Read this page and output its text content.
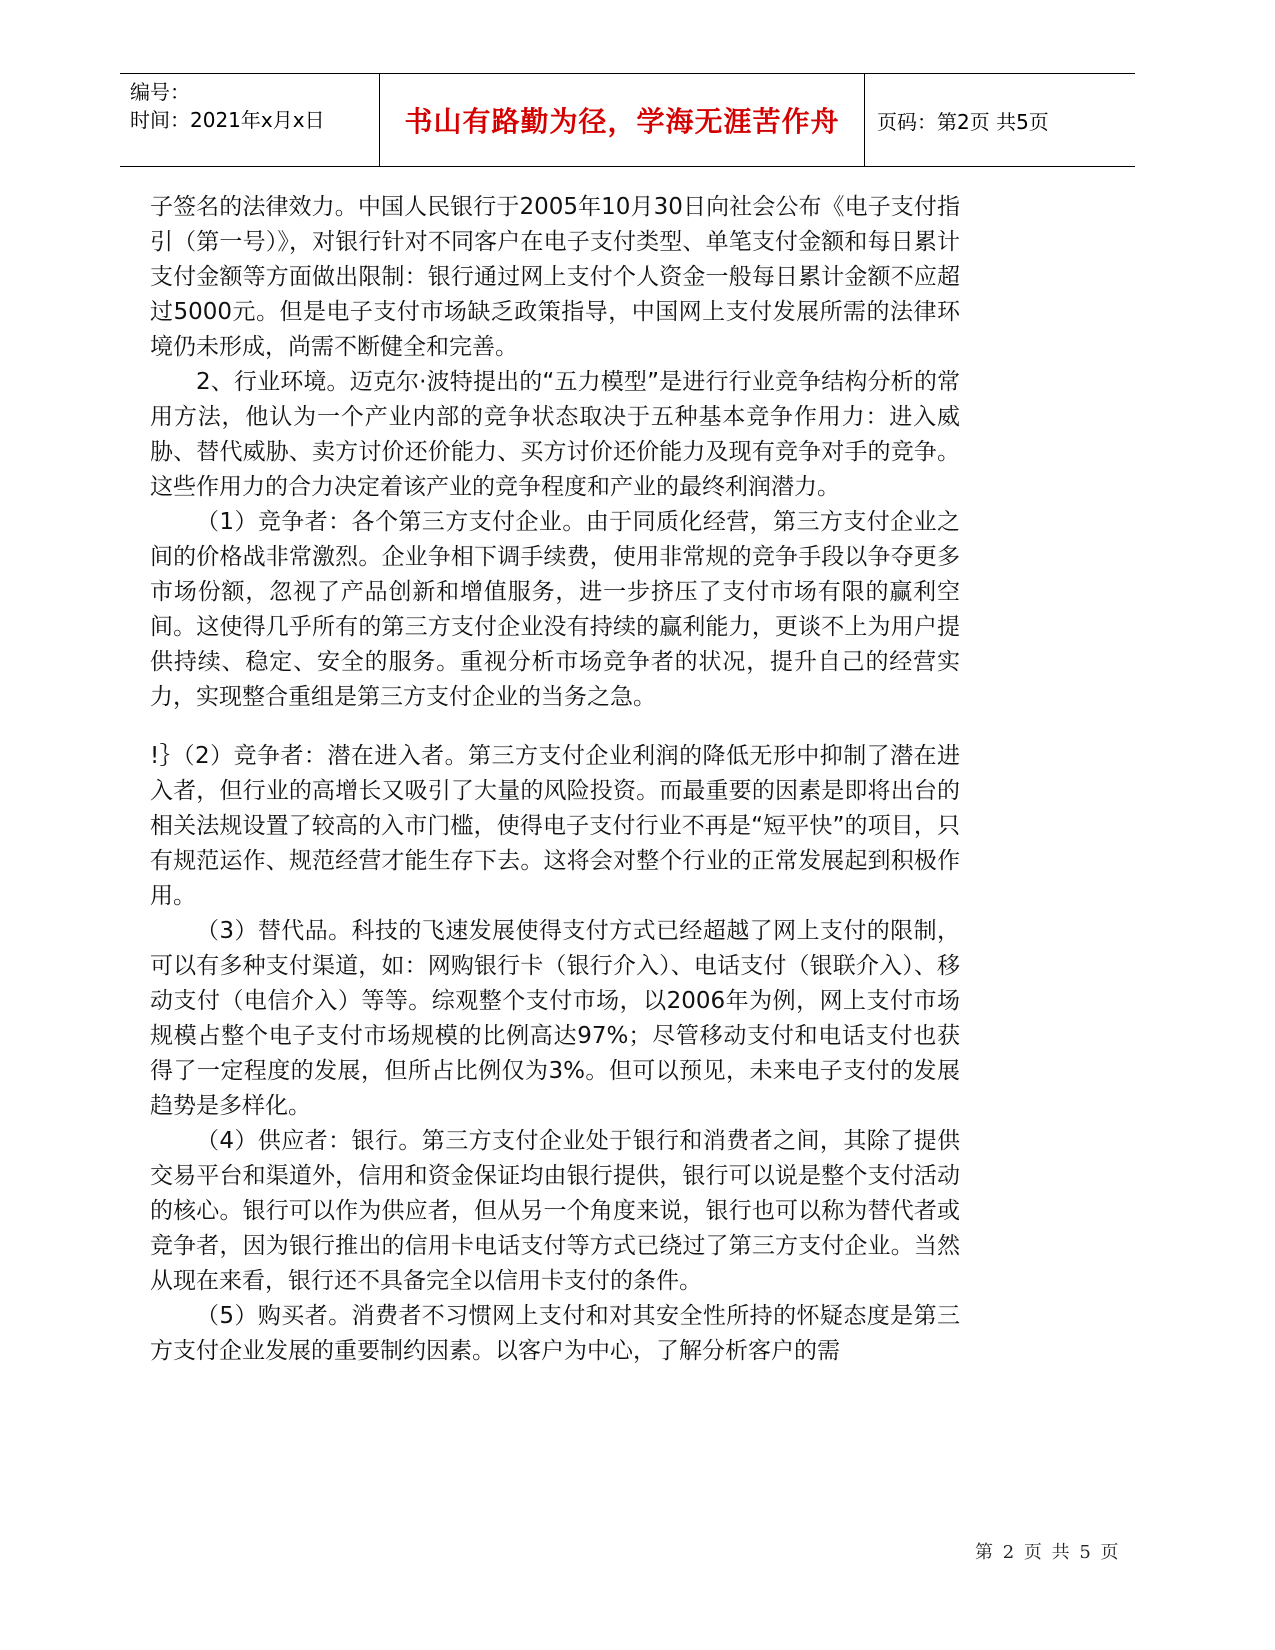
编号：
时间：2021年x月x日	书山有路勤为径，学海无涯苦作舟	页码：第2页 共5页

子签名的法律效力。中国人民银行于2005年10月30日向社会公布《电子支付指引（第一号）》，对银行针对不同客户在电子支付类型、单笔支付金额和每日累计支付金额等方面做出限制：银行通过网上支付个人资金一般每日累计金额不应超过5000元。但是电子支付市场缺乏政策指导，中国网上支付发展所需的法律环境仍未形成，尚需不断健全和完善。

2、行业环境。迈克尔·波特提出的“五力模型”是进行行业竞争结构分析的常用方法，他认为一个产业内部的竞争状态取决于五种基本竞争作用力：进入威胁、替代威胁、卖方讨价还价能力、买方讨价还价能力及现有竞争对手的竞争。这些作用力的合力决定着该产业的竞争程度和产业的最终利润潜力。

（1）竞争者：各个第三方支付企业。由于同质化经营，第三方支付企业之间的价格战非常激烈。企业争相下调手续费，使用非常规的竞争手段以争夺更多市场份额，忽视了产品创新和增值服务，进一步挤压了支付市场有限的赢利空间。这使得几乎所有的第三方支付企业没有持续的赢利能力，更谈不上为用户提供持续、稳定、安全的服务。重视分析市场竞争者的状况，提升自己的经营实力，实现整合重组是第三方支付企业的当务之急。

!｝（2）竞争者：潜在进入者。第三方支付企业利润的降低无形中抑制了潜在进入者，但行业的高增长又吸引了大量的风险投资。而最重要的因素是即将出台的相关法规设置了较高的入市门槛，使得电子支付行业不再是“短平快”的项目，只有规范运作、规范经营才能生存下去。这将会对整个行业的正常发展起到积极作用。

（3）替代品。科技的飞速发展使得支付方式已经超越了网上支付的限制，可以有多种支付渠道，如：网购银行卡（银行介入）、电话支付（银联介入）、移动支付（电信介入）等等。综观整个支付市场，以2006年为例，网上支付市场规模占整个电子支付市场规模的比例高达97%；尽管移动支付和电话支付也获得了一定程度的发展，但所占比例仅为3%。但可以预见，未来电子支付的发展趋势是多样化。

（4）供应者：银行。第三方支付企业处于银行和消费者之间，其除了提供交易平台和渠道外，信用和资金保证均由银行提供，银行可以说是整个支付活动的核心。银行可以作为供应者，但从另一个角度来说，银行也可以称为替代者或竞争者，因为银行推出的信用卡电话支付等方式已绕过了第三方支付企业。当然从现在来看，银行还不具备完全以信用卡支付的条件。

（5）购买者。消费者不习惯网上支付和对其安全性所持的怀疑态度是第三方支付企业发展的重要制约因素。以客户为中心，了解分析客户的需

第 2 页 共 5 页
